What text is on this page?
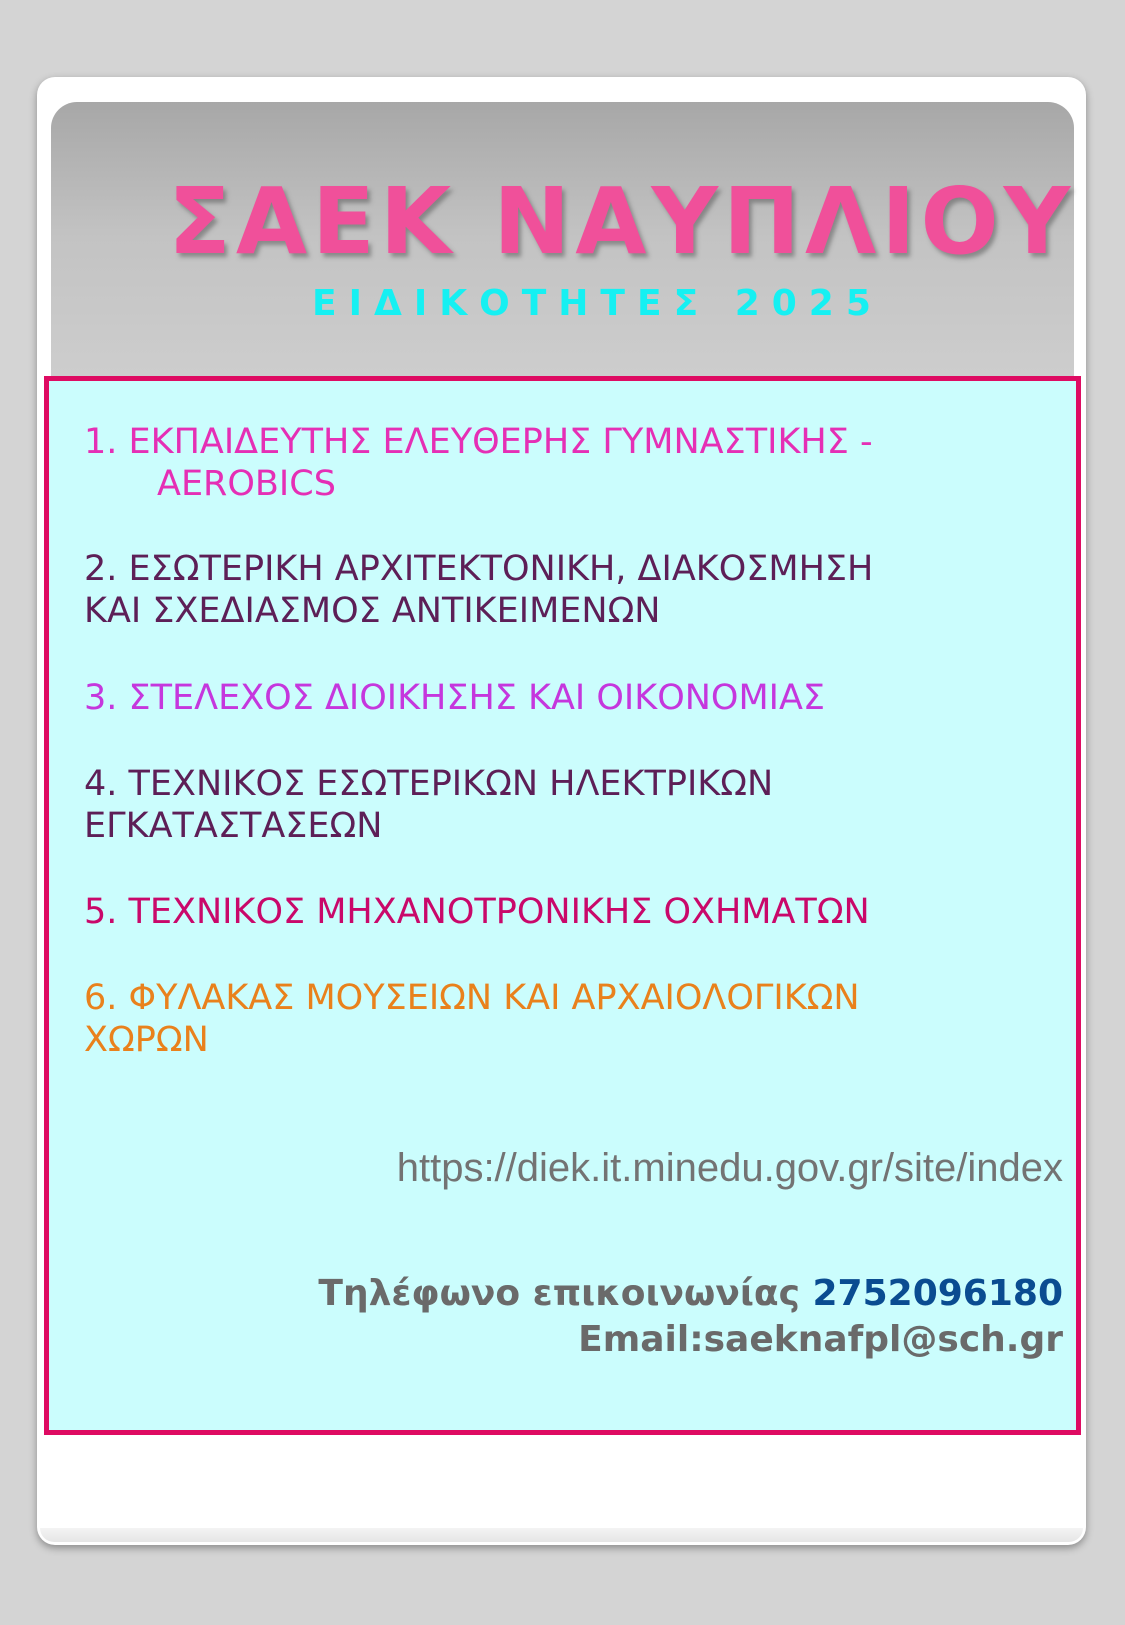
ΣΑΕΚ ΝΑΥΠΛΙΟΥ
ΕΙΔΙΚΟΤΗΤΕΣ 2025
1. ΕΚΠΑΙΔΕΥΤΗΣ ΕΛΕΥΘΕΡΗΣ ΓΥΜΝΑΣΤΙΚΗΣ -
AEROBICS
2. ΕΣΩΤΕΡΙΚΗ ΑΡΧΙΤΕΚΤΟΝΙΚΗ, ΔΙΑΚΟΣΜΗΣΗ
ΚΑΙ ΣΧΕΔΙΑΣΜΟΣ ΑΝΤΙΚΕΙΜΕΝΩΝ
3. ΣΤΕΛΕΧΟΣ ΔΙΟΙΚΗΣΗΣ ΚΑΙ ΟΙΚΟΝΟΜΙΑΣ
4. ΤΕΧΝΙΚΟΣ ΕΣΩΤΕΡΙΚΩΝ ΗΛΕΚΤΡΙΚΩΝ
ΕΓΚΑΤΑΣΤΑΣΕΩΝ
5. ΤΕΧΝΙΚΟΣ ΜΗΧΑΝΟΤΡΟΝΙΚΗΣ ΟΧΗΜΑΤΩΝ
6. ΦΥΛΑΚΑΣ ΜΟΥΣΕΙΩΝ ΚΑΙ ΑΡΧΑΙΟΛΟΓΙΚΩΝ
ΧΩΡΩΝ
https://diek.it.minedu.gov.gr/site/index
Τηλέφωνο επικοινωνίας 2752096180
Email:saeknafpl@sch.gr
